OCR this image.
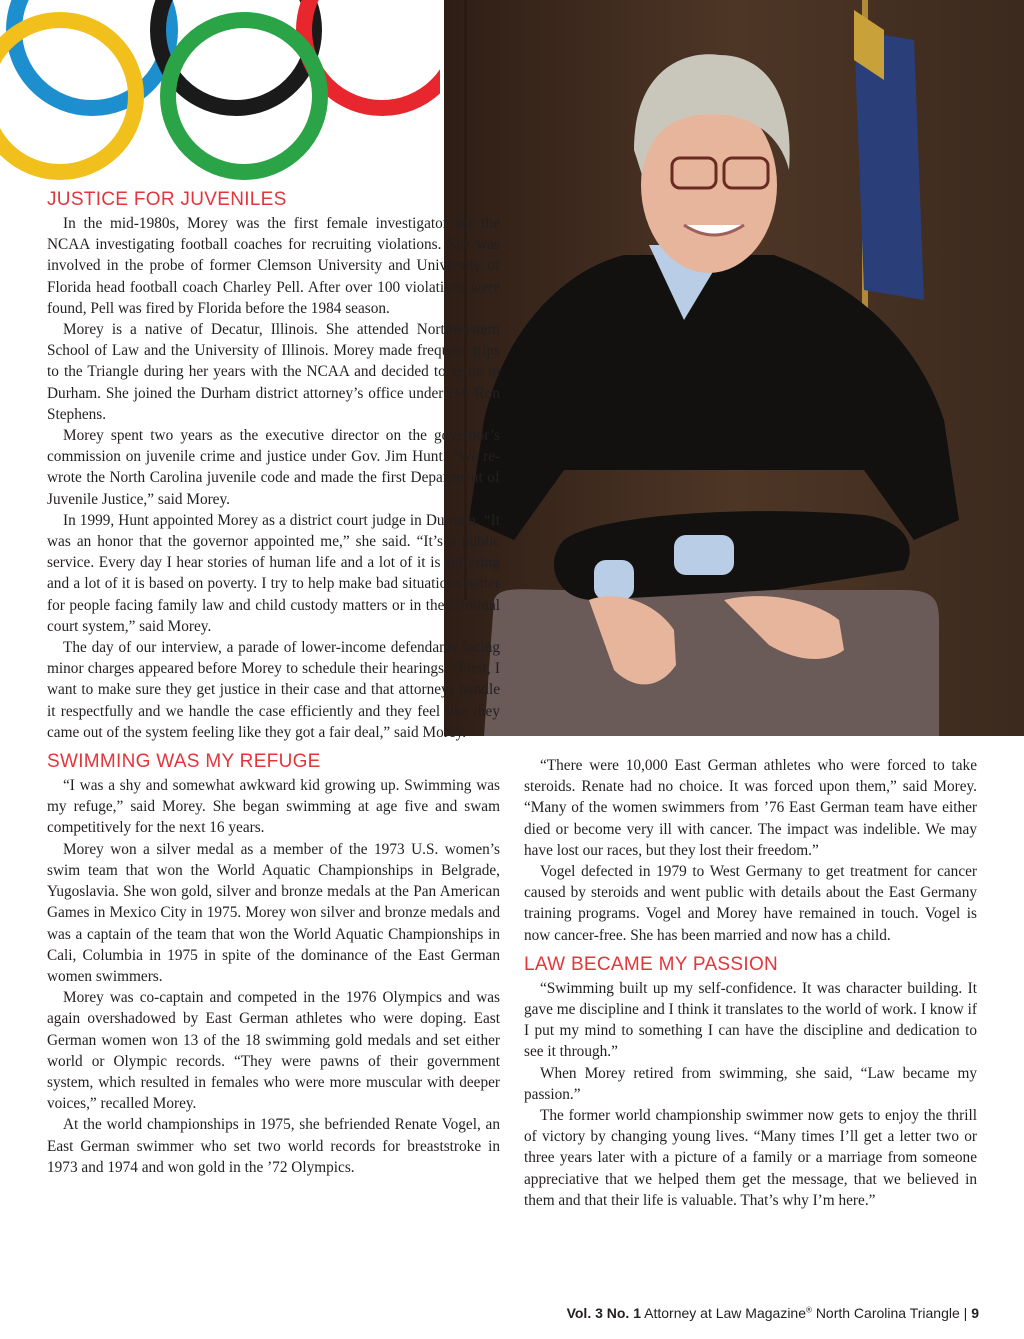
JUSTICE FOR JUVENILES

In the mid-1980s, Morey was the first female investigator for the NCAA investigating football coaches for recruiting violations. She was involved in the probe of former Clemson University and University of Florida head football coach Charley Pell. After over 100 violations were found, Pell was fired by Florida before the 1984 season.

Morey is a native of Decatur, Illinois. She attended Northwestern School of Law and the University of Illinois. Morey made frequent trips to the Triangle during her years with the NCAA and decided to settle in Durham. She joined the Durham district attorney’s office under DA Ron Stephens.

Morey spent two years as the executive director on the governor’s commission on juvenile crime and justice under Gov. Jim Hunt. “We re-wrote the North Carolina juvenile code and made the first Department of Juvenile Justice,” said Morey.

In 1999, Hunt appointed Morey as a district court judge in Durham. “It was an honor that the governor appointed me,” she said. “It’s a public service. Every day I hear stories of human life and a lot of it is suffering and a lot of it is based on poverty. I try to help make bad situations better for people facing family law and child custody matters or in the criminal court system,” said Morey.

The day of our interview, a parade of lower-income defendants facing minor charges appeared before Morey to schedule their hearings. “First, I want to make sure they get justice in their case and that attorneys handle it respectfully and we handle the case efficiently and they feel like they came out of the system feeling like they got a fair deal,” said Morey.

SWIMMING WAS MY REFUGE

“I was a shy and somewhat awkward kid growing up. Swimming was my refuge,” said Morey. She began swimming at age five and swam competitively for the next 16 years.

Morey won a silver medal as a member of the 1973 U.S. women’s swim team that won the World Aquatic Championships in Belgrade, Yugoslavia. She won gold, silver and bronze medals at the Pan American Games in Mexico City in 1975. Morey won silver and bronze medals and was a captain of the team that won the World Aquatic Championships in Cali, Columbia in 1975 in spite of the dominance of the East German women swimmers.

Morey was co-captain and competed in the 1976 Olympics and was again overshadowed by East German athletes who were doping. East German women won 13 of the 18 swimming gold medals and set either world or Olympic records. “They were pawns of their government system, which resulted in females who were more muscular with deeper voices,” recalled Morey.

At the world championships in 1975, she befriended Renate Vogel, an East German swimmer who set two world records for breaststroke in 1973 and 1974 and won gold in the ’72 Olympics.

“There were 10,000 East German athletes who were forced to take steroids. Renate had no choice. It was forced upon them,” said Morey. “Many of the women swimmers from ’76 East German team have either died or become very ill with cancer. The impact was indelible. We may have lost our races, but they lost their freedom.”

Vogel defected in 1979 to West Germany to get treatment for cancer caused by steroids and went public with details about the East Germany training programs. Vogel and Morey have remained in touch. Vogel is now cancer-free. She has been married and now has a child.

LAW BECAME MY PASSION

“Swimming built up my self-confidence. It was character building. It gave me discipline and I think it translates to the world of work. I know if I put my mind to something I can have the discipline and dedication to see it through.”

When Morey retired from swimming, she said, “Law became my passion.”

The former world championship swimmer now gets to enjoy the thrill of victory by changing young lives. “Many times I’ll get a letter two or three years later with a picture of a family or a marriage from someone appreciative that we helped them get the message, that we believed in them and that their life is valuable. That’s why I’m here.”

Vol. 3 No. 1 Attorney at Law Magazine® North Carolina Triangle | 9
